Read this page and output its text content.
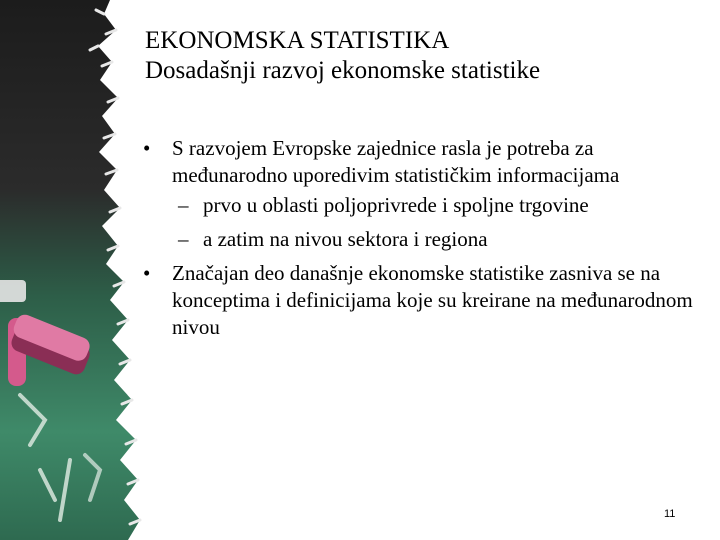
EKONOMSKA STATISTIKA
Dosadašnji razvoj ekonomske statistike
• S razvojem Evropske zajednice rasla je potreba za međunarodno uporedivim statističkim informacijama
– prvo u oblasti poljoprivrede i spoljne trgovine
– a zatim na nivou sektora i regiona
• Značajan deo današnje ekonomske statistike zasniva se na konceptima i definicijama koje su kreirane na međunarodnom nivou
11
